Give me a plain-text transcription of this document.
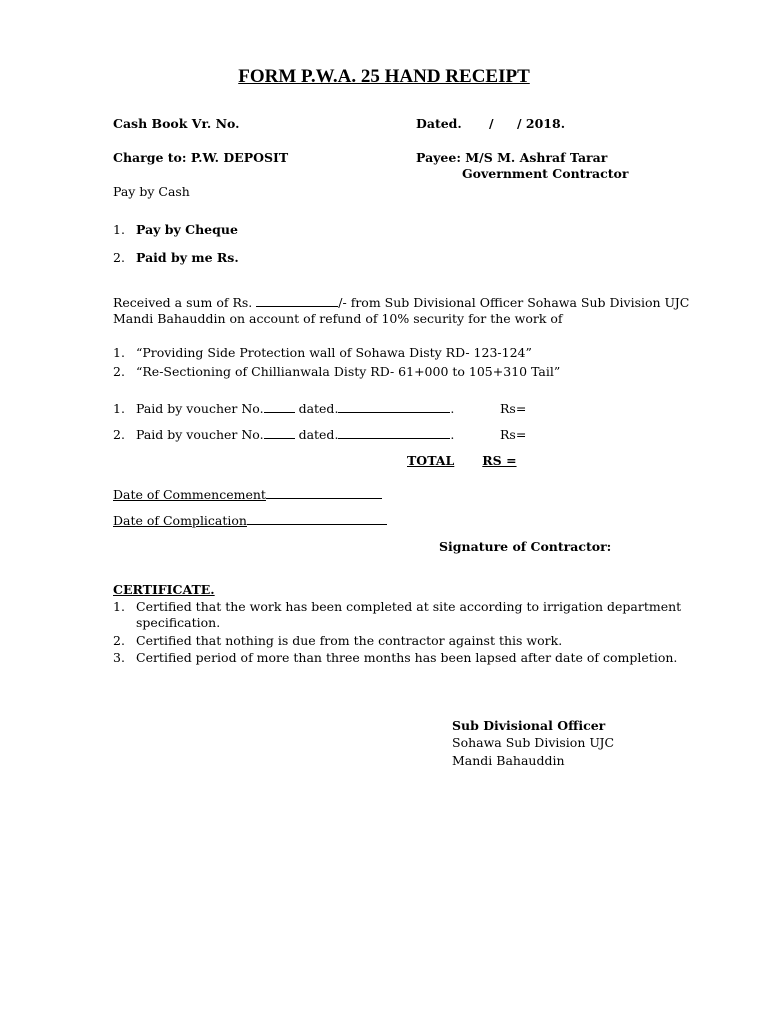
FORM P.W.A. 25 HAND RECEIPT
Cash Book Vr. No.	Dated. / / 2018.
Charge to: P.W. DEPOSIT	Payee: M/S M. Ashraf Tarar
Government Contractor
Pay by Cash
1. Pay by Cheque
2. Paid by me Rs.
Received a sum of Rs.	/- from Sub Divisional Officer Sohawa Sub Division UJC
Mandi Bahauddin on account of refund of 10% security for the work of
1. “Providing Side Protection wall of Sohawa Disty RD- 123-124”
2. “Re-Sectioning of Chillianwala Disty RD- 61+000 to 105+310 Tail”
1. Paid by voucher No.	dated.	.	Rs=
2. Paid by voucher No.	dated.	.	Rs=
TOTAL RS =
Date of Commencement
Date of Complication
Signature of Contractor:
CERTIFICATE.
1. Certified that the work has been completed at site according to irrigation department
specification.
2. Certified that nothing is due from the contractor against this work.
3. Certified period of more than three months has been lapsed after date of completion.
Sub Divisional Officer
Sohawa Sub Division UJC
Mandi Bahauddin
